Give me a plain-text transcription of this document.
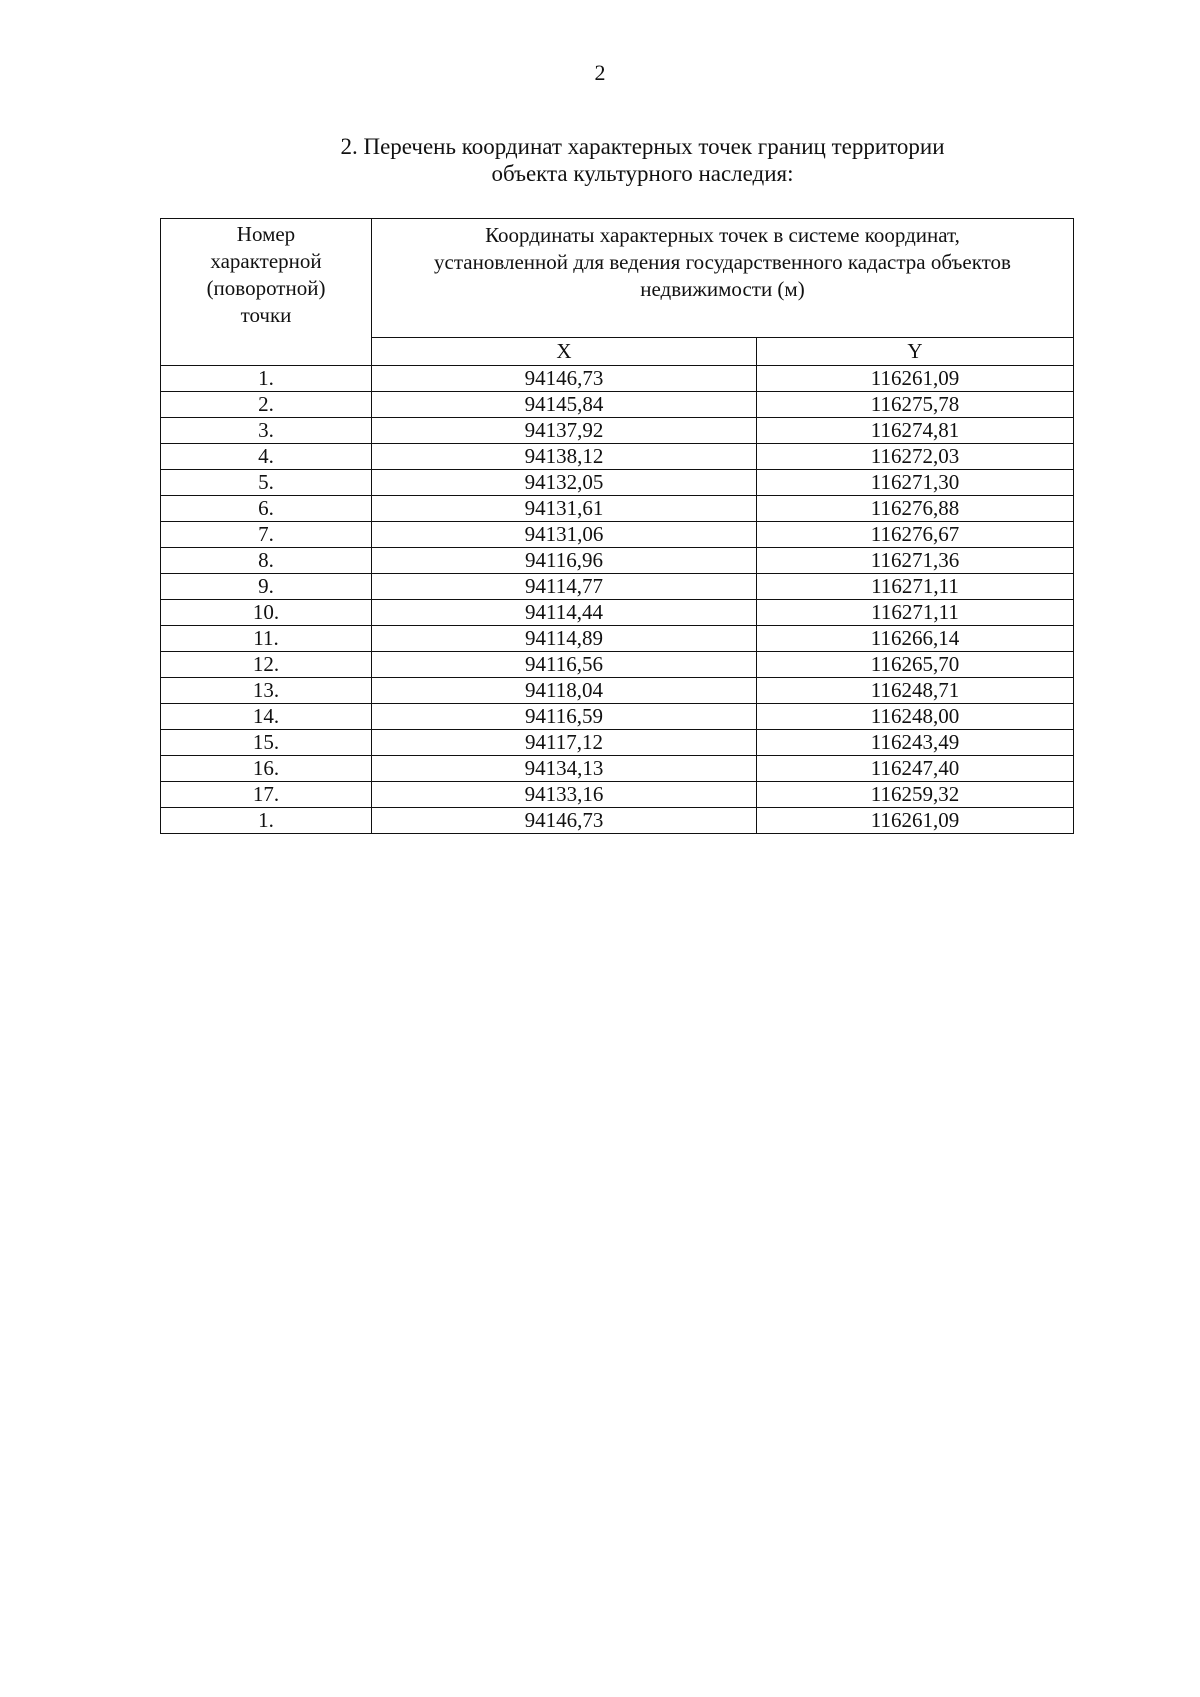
2
2. Перечень координат характерных точек границ территории
объекта культурного наследия:
Номер
характерной
(поворотной)
точки	Координаты характерных точек в системе координат,
установленной для ведения государственного кадастра объектов
недвижимости (м)	

	X	Y
1.	94146,73	116261,09
2.	94145,84	116275,78
3.	94137,92	116274,81
4.	94138,12	116272,03
5.	94132,05	116271,30
6.	94131,61	116276,88
7.	94131,06	116276,67
8.	94116,96	116271,36
9.	94114,77	116271,11
10.	94114,44	116271,11
11.	94114,89	116266,14
12.	94116,56	116265,70
13.	94118,04	116248,71
14.	94116,59	116248,00
15.	94117,12	116243,49
16.	94134,13	116247,40
17.	94133,16	116259,32
1.	94146,73	116261,09
